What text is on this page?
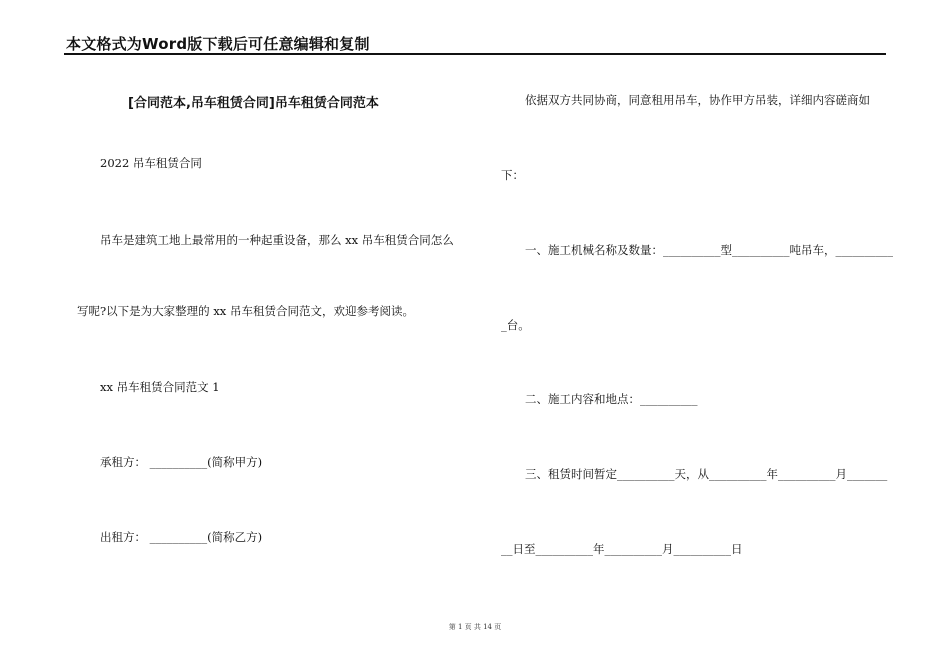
本文格式为Word版下载后可任意编辑和复制
[合同范本,吊车租赁合同]吊车租赁合同范本
2022 吊车租赁合同
吊车是建筑工地上最常用的一种起重设备，那么 xx 吊车租赁合同怎么
写呢?以下是为大家整理的 xx 吊车租赁合同范文，欢迎参考阅读。
xx 吊车租赁合同范文 1
承租方： __________(简称甲方)
出租方： __________(简称乙方)
依据双方共同协商，同意租用吊车，协作甲方吊装，详细内容磋商如
下：
一、施工机械名称及数量：__________型__________吨吊车，__________
_台。
二、施工内容和地点：__________
三、租赁时间暂定__________天，从__________年__________月_______
__日至__________年__________月__________日
第 1 页 共 14 页
